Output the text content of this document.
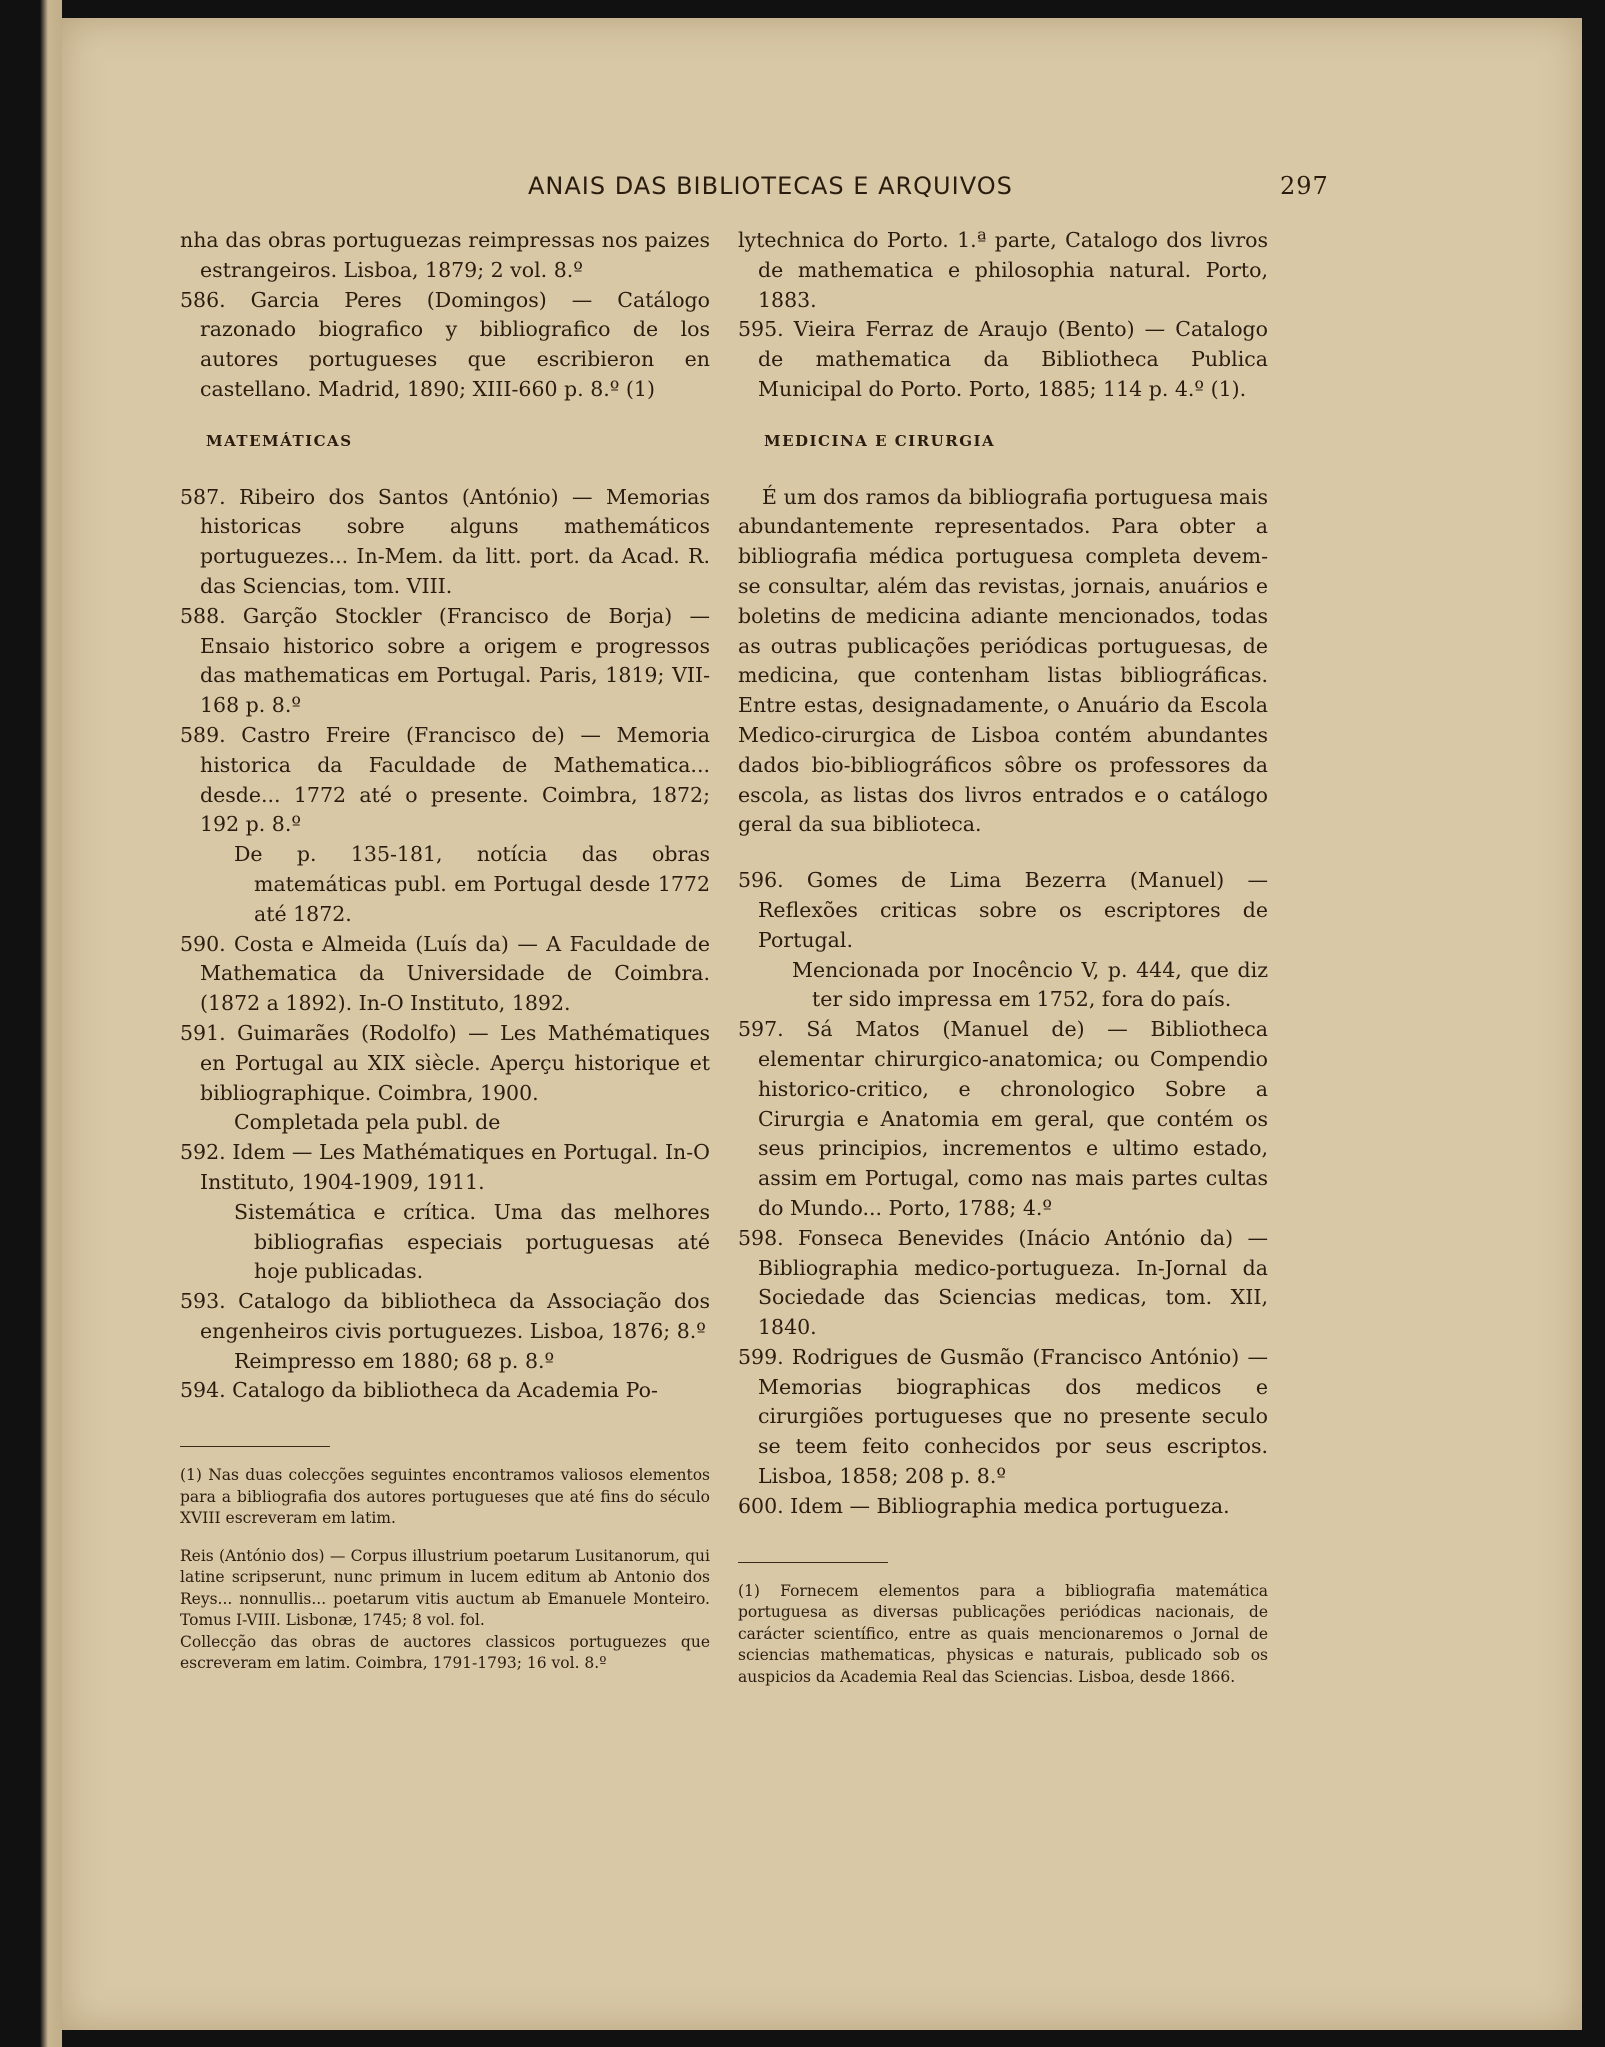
ANAIS DAS BIBLIOTECAS E ARQUIVOS	297

nha das obras portuguezas reimpressas nos paizes estrangeiros. Lisboa, 1879; 2 vol. 8.º

586. Garcia Peres (Domingos) — Catálogo razonado biografico y bibliografico de los autores portugueses que escribieron en castellano. Madrid, 1890; XIII-660 p. 8.º (1)

MATEMÁTICAS

587. Ribeiro dos Santos (António) — Memorias historicas sobre alguns mathemáticos portuguezes... In-Mem. da litt. port. da Acad. R. das Sciencias, tom. VIII.

588. Garção Stockler (Francisco de Borja) — Ensaio historico sobre a origem e progressos das mathematicas em Portugal. Paris, 1819; VII-168 p. 8.º

589. Castro Freire (Francisco de) — Memoria historica da Faculdade de Mathematica... desde... 1772 até o presente. Coimbra, 1872; 192 p. 8.º

De p. 135-181, notícia das obras matemáticas publ. em Portugal desde 1772 até 1872.

590. Costa e Almeida (Luís da) — A Faculdade de Mathematica da Universidade de Coimbra. (1872 a 1892). In-O Instituto, 1892.

591. Guimarães (Rodolfo) — Les Mathématiques en Portugal au XIX siècle. Aperçu historique et bibliographique. Coimbra, 1900.

Completada pela publ. de

592. Idem — Les Mathématiques en Portugal. In-O Instituto, 1904-1909, 1911.

Sistemática e crítica. Uma das melhores bibliografias especiais portuguesas até hoje publicadas.

593. Catalogo da bibliotheca da Associação dos engenheiros civis portuguezes. Lisboa, 1876; 8.º

Reimpresso em 1880; 68 p. 8.º

594. Catalogo da bibliotheca da Academia Po-

(1) Nas duas colecções seguintes encontramos valiosos elementos para a bibliografia dos autores portugueses que até fins do século XVIII escreveram em latim.

Reis (António dos) — Corpus illustrium poetarum Lusitanorum, qui latine scripserunt, nunc primum in lucem editum ab Antonio dos Reys... nonnullis... poetarum vitis auctum ab Emanuele Monteiro. Tomus I-VIII. Lisbonæ, 1745; 8 vol. fol.

Collecção das obras de auctores classicos portuguezes que escreveram em latim. Coimbra, 1791-1793; 16 vol. 8.º

lytechnica do Porto. 1.ª parte, Catalogo dos livros de mathematica e philosophia natural. Porto, 1883.

595. Vieira Ferraz de Araujo (Bento) — Catalogo de mathematica da Bibliotheca Publica Municipal do Porto. Porto, 1885; 114 p. 4.º (1).

MEDICINA E CIRURGIA

É um dos ramos da bibliografia portuguesa mais abundantemente representados. Para obter a bibliografia médica portuguesa completa devem-se consultar, além das revistas, jornais, anuários e boletins de medicina adiante mencionados, todas as outras publicações periódicas portuguesas, de medicina, que contenham listas bibliográficas. Entre estas, designadamente, o Anuário da Escola Medico-cirurgica de Lisboa contém abundantes dados bio-bibliográficos sôbre os professores da escola, as listas dos livros entrados e o catálogo geral da sua biblioteca.

596. Gomes de Lima Bezerra (Manuel) — Reflexões criticas sobre os escriptores de Portugal.

Mencionada por Inocêncio V, p. 444, que diz ter sido impressa em 1752, fora do país.

597. Sá Matos (Manuel de) — Bibliotheca elementar chirurgico-anatomica; ou Compendio historico-critico, e chronologico Sobre a Cirurgia e Anatomia em geral, que contém os seus principios, incrementos e ultimo estado, assim em Portugal, como nas mais partes cultas do Mundo... Porto, 1788; 4.º

598. Fonseca Benevides (Inácio António da) — Bibliographia medico-portugueza. In-Jornal da Sociedade das Sciencias medicas, tom. XII, 1840.

599. Rodrigues de Gusmão (Francisco António) — Memorias biographicas dos medicos e cirurgiões portugueses que no presente seculo se teem feito conhecidos por seus escriptos. Lisboa, 1858; 208 p. 8.º

600. Idem — Bibliographia medica portugueza.

(1) Fornecem elementos para a bibliografia matemática portuguesa as diversas publicações periódicas nacionais, de carácter scientífico, entre as quais mencionaremos o Jornal de sciencias mathematicas, physicas e naturais, publicado sob os auspicios da Academia Real das Sciencias. Lisboa, desde 1866.
